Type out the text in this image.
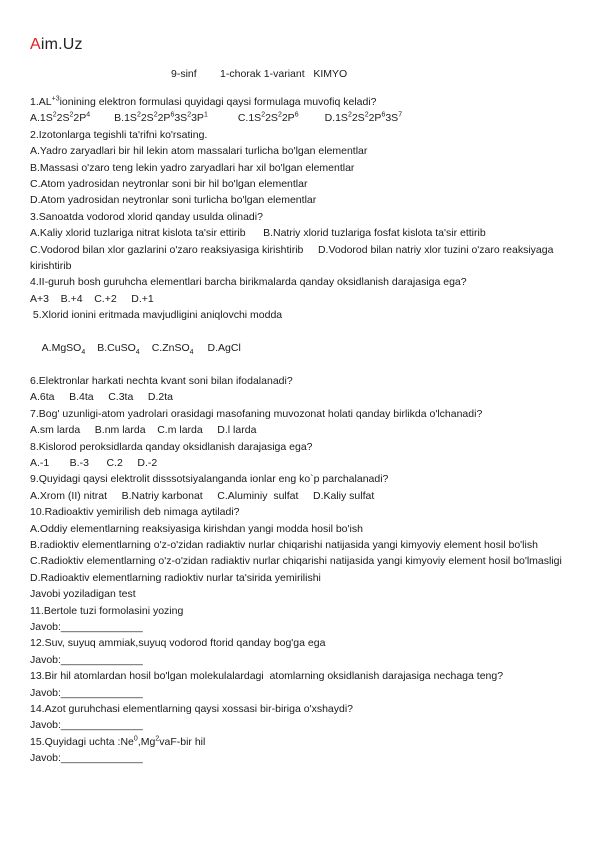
Aim.Uz
9-sinf        1-chorak 1-variant   KIMYO

$1.AL^{+3}ionining$ elektron formulasi quyidagi qaysi formulaga muvofiq keladi?

$A.1S^22S^22P^4$ $B.1S^22S^22P^63S^23P^1$	$C.1S^22S^22P^6$ $D.1S^22S^22P^63S^7$

2.Izotonlarga tegishli ta'rifni ko'rsating.

A.Yadro zaryadlari bir hil lekin atom massalari turlicha bo'lgan elementlar

B.Massasi o'zaro teng lekin yadro zaryadlari har xil bo'lgan elementlar

C.Atom yadrosidan neytronlar soni bir hil bo'lgan elementlar

D.Atom yadrosidan neytronlar soni turlicha bo'lgan elementlar

3.Sanoatda vodorod xlorid qanday usulda olinadi?

A.Kaliy xlorid tuzlariga nitrat kislota ta'sir ettirib      B.Natriy xlorid tuzlariga fosfat kislota ta'sir ettirib

C.Vodorod bilan xlor gazlarini o'zaro reaksiyasiga kirishtirib     D.Vodorod bilan natriy xlor tuzini o'zaro reaksiyaga kirishtirib

4.II-guruh bosh guruhcha elementlari barcha birikmalarda qanday oksidlanish darajasiga ega?

A+3    B.+4    C.+2     D.+1

5.Xlorid ionini eritmada mavjudligini aniqlovchi modda

A.MgSO$_4$ B.CuSO$_4$ C.ZnSO$_4$ D.AgCl

6.Elektronlar harkati nechta kvant soni bilan ifodalanadi?

A.6ta     B.4ta     C.3ta     D.2ta

7.Bog' uzunligi-atom yadrolari orasidagi masofaning muvozonat holati qanday birlikda o'lchanadi?

A.sm larda     B.nm larda    C.m larda     D.l larda

8.Kislorod peroksidlarda qanday oksidlanish darajasiga ega?

A.-1       B.-3      C.2     D.-2

9.Quyidagi qaysi elektrolit disssotsiyalanganda ionlar eng ko`p parchalanadi?

A.Xrom (II) nitrat     B.Natriy karbonat     C.Aluminiy  sulfat     D.Kaliy sulfat

10.Radioaktiv yemirilish deb nimaga aytiladi?

A.Oddiy elementlarning reaksiyasiga kirishdan yangi modda hosil bo'ish

B.radioktiv elementlarning o'z-o'zidan radiaktiv nurlar chiqarishi natijasida yangi kimyoviy element hosil bo'lish

C.Radioktiv elementlarning o'z-o'zidan radiaktiv nurlar chiqarishi natijasida yangi kimyoviy element hosil bo'lmasligi

D.Radioaktiv elementlarning radioktiv nurlar ta'sirida yemirilishi

Javobi yoziladigan test

11.Bertole tuzi formolasini yozing

Javob:______________

12.Suv, suyuq ammiak,suyuq vodorod ftorid qanday bog'ga ega

Javob:______________

13.Bir hil atomlardan hosil bo'lgan molekulalardagi  atomlarning oksidlanish darajasiga nechaga teng?

Javob:______________

14.Azot guruhchasi elementlarning qaysi xossasi bir-biriga o'xshaydi?

Javob:______________

15.Quyidagi uchta :Ne$^0$,Mg$^2$vaF-bir hil

Javob:______________
